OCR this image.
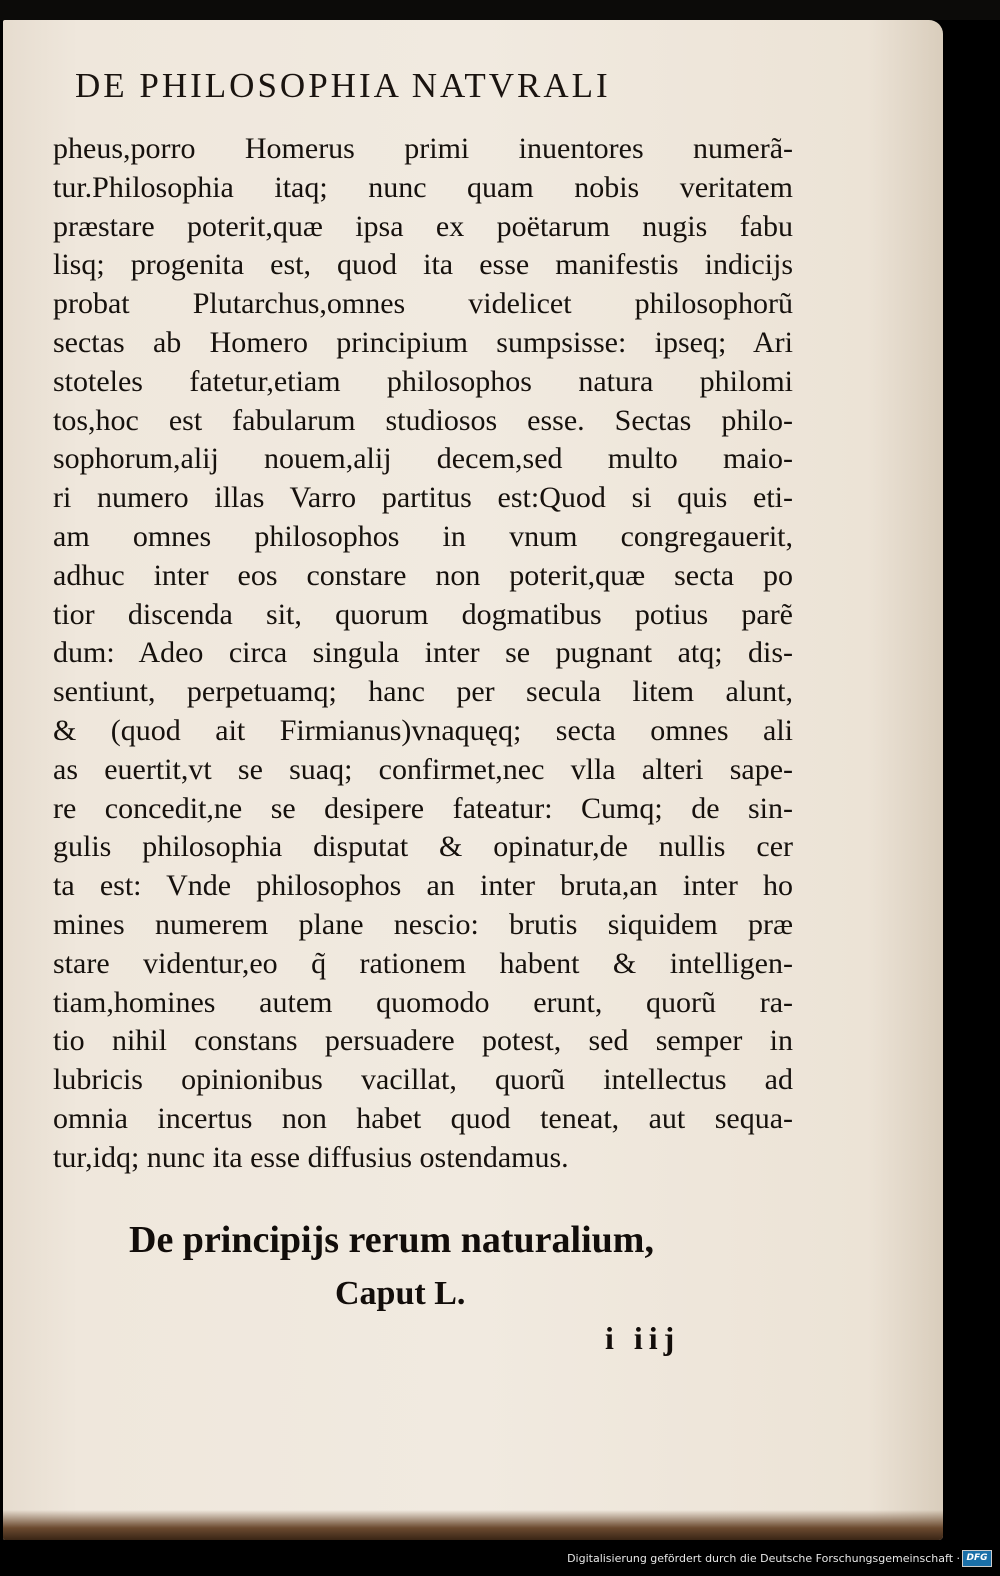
DE PHILOSOPHIA NATVRALI
pheus,porro Homerus primi inuentores numerã-
tur.Philosophia itaq; nunc quam nobis veritatem
præstare poterit,quæ ipsa ex poëtarum nugis fabu
lisq; progenita est, quod ita esse manifestis indicijs
probat Plutarchus,omnes videlicet philosophorũ
sectas ab Homero principium sumpsisse: ipseq; Ari
stoteles fatetur,etiam philosophos natura philomi
tos,hoc est fabularum studiosos esse. Sectas philo-
sophorum,alij nouem,alij decem,sed multo maio-
ri numero illas Varro partitus est:Quod si quis eti-
am omnes philosophos in vnum congregauerit,
adhuc inter eos constare non poterit,quæ secta po
tior discenda sit, quorum dogmatibus potius parẽ
dum: Adeo circa singula inter se pugnant atq; dis-
sentiunt, perpetuamq; hanc per secula litem alunt,
& (quod ait Firmianus)vnaquęq; secta omnes ali
as euertit,vt se suaq; confirmet,nec vlla alteri sape-
re concedit,ne se desipere fateatur: Cumq; de sin-
gulis philosophia disputat & opinatur,de nullis cer
ta est: Vnde philosophos an inter bruta,an inter ho
mines numerem plane nescio: brutis siquidem præ
stare videntur,eo q̃ rationem habent & intelligen-
tiam,homines autem quomodo erunt, quorũ ra-
tio nihil constans persuadere potest, sed semper in
lubricis opinionibus vacillat, quorũ intellectus ad
omnia incertus non habet quod teneat, aut sequa-
tur,idq; nunc ita esse diffusius ostendamus.
De principijs rerum naturalium,
Caput L.
i iij
Digitalisierung gefördert durch die Deutsche Forschungsgemeinschaft · DFG
